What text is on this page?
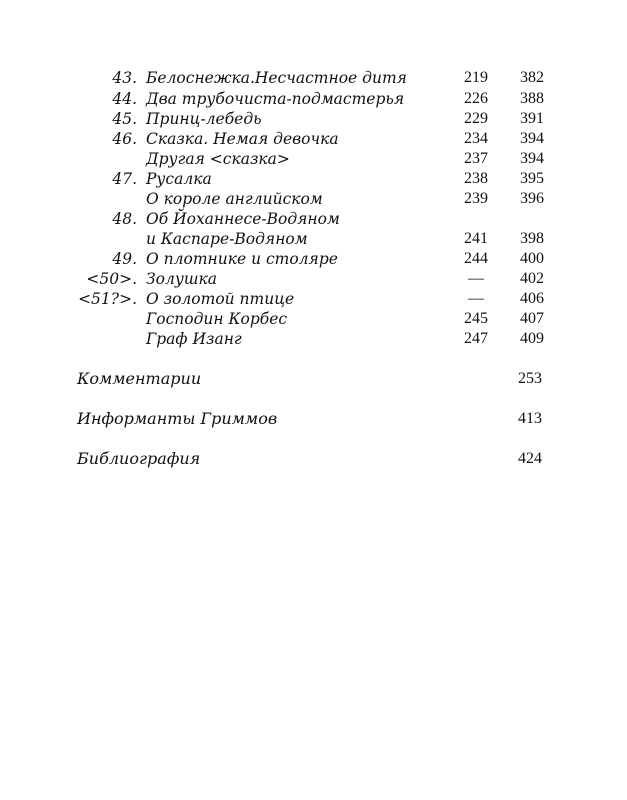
43. Белоснежка.Несчастное дитя	219	382
44. Два трубочиста-подмастерья	226	388
45. Принц-лебедь	229	391
46. Сказка. Немая девочка	234	394
Другая <сказка>	237	394
47. Русалка	238	395
О короле английском	239	396
48. Об Йоханнесе-Водяном
и Каспаре-Водяном	241	398
49. О плотнике и столяре	244	400
<50>. Золушка	—	402
<51?>. О золотой птице	—	406
Господин Корбес	245	407
Граф Изанг	247	409
Комментарии	253
Информанты Гриммов	413
Библиография	424
